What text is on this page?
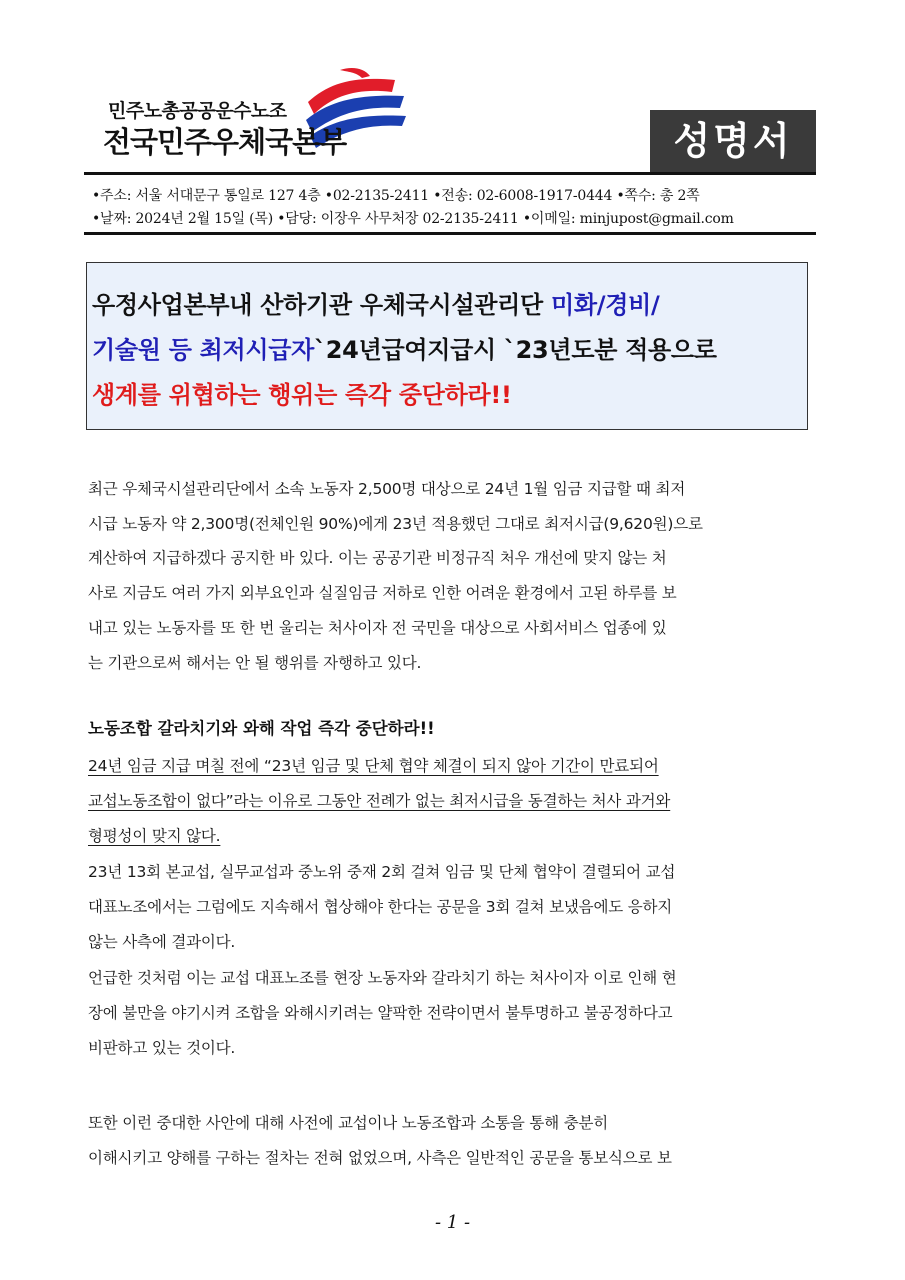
민주노총공공운수노조
전국민주우체국본부	성명서
•주소: 서울 서대문구 통일로 127 4층 •02-2135-2411 •전송: 02-6008-1917-0444 •쪽수: 총 2쪽
•날짜: 2024년 2월 15일 (목) •담당: 이장우 사무처장 02-2135-2411 •이메일: minjupost@gmail.com
우정사업본부내 산하기관 우체국시설관리단 미화/경비/
기술원 등 최저시급자`24년급여지급시 `23년도분 적용으로
생계를 위협하는 행위는 즉각 중단하라!!
최근 우체국시설관리단에서 소속 노동자 2,500명 대상으로 24년 1월 임금 지급할 때 최저
시급 노동자 약 2,300명(전체인원 90%)에게 23년 적용했던 그대로 최저시급(9,620원)으로
계산하여 지급하겠다 공지한 바 있다. 이는 공공기관 비정규직 처우 개선에 맞지 않는 처
사로 지금도 여러 가지 외부요인과 실질임금 저하로 인한 어려운 환경에서 고된 하루를 보
내고 있는 노동자를 또 한 번 울리는 처사이자 전 국민을 대상으로 사회서비스 업종에 있
는 기관으로써 해서는 안 될 행위를 자행하고 있다.
노동조합 갈라치기와 와해 작업 즉각 중단하라!!
24년 임금 지급 며칠 전에 “23년 임금 및 단체 협약 체결이 되지 않아 기간이 만료되어
교섭노동조합이 없다”라는 이유로 그동안 전례가 없는 최저시급을 동결하는 처사 과거와
형평성이 맞지 않다.
23년 13회 본교섭, 실무교섭과 중노위 중재 2회 걸쳐 임금 및 단체 협약이 결렬되어 교섭
대표노조에서는 그럼에도 지속해서 협상해야 한다는 공문을 3회 걸쳐 보냈음에도 응하지
않는 사측에 결과이다.
언급한 것처럼 이는 교섭 대표노조를 현장 노동자와 갈라치기 하는 처사이자 이로 인해 현
장에 불만을 야기시켜 조합을 와해시키려는 얄팍한 전략이면서 불투명하고 불공정하다고
비판하고 있는 것이다.
또한 이런 중대한 사안에 대해 사전에 교섭이나 노동조합과 소통을 통해 충분히
이해시키고 양해를 구하는 절차는 전혀 없었으며, 사측은 일반적인 공문을 통보식으로 보
- 1 -
